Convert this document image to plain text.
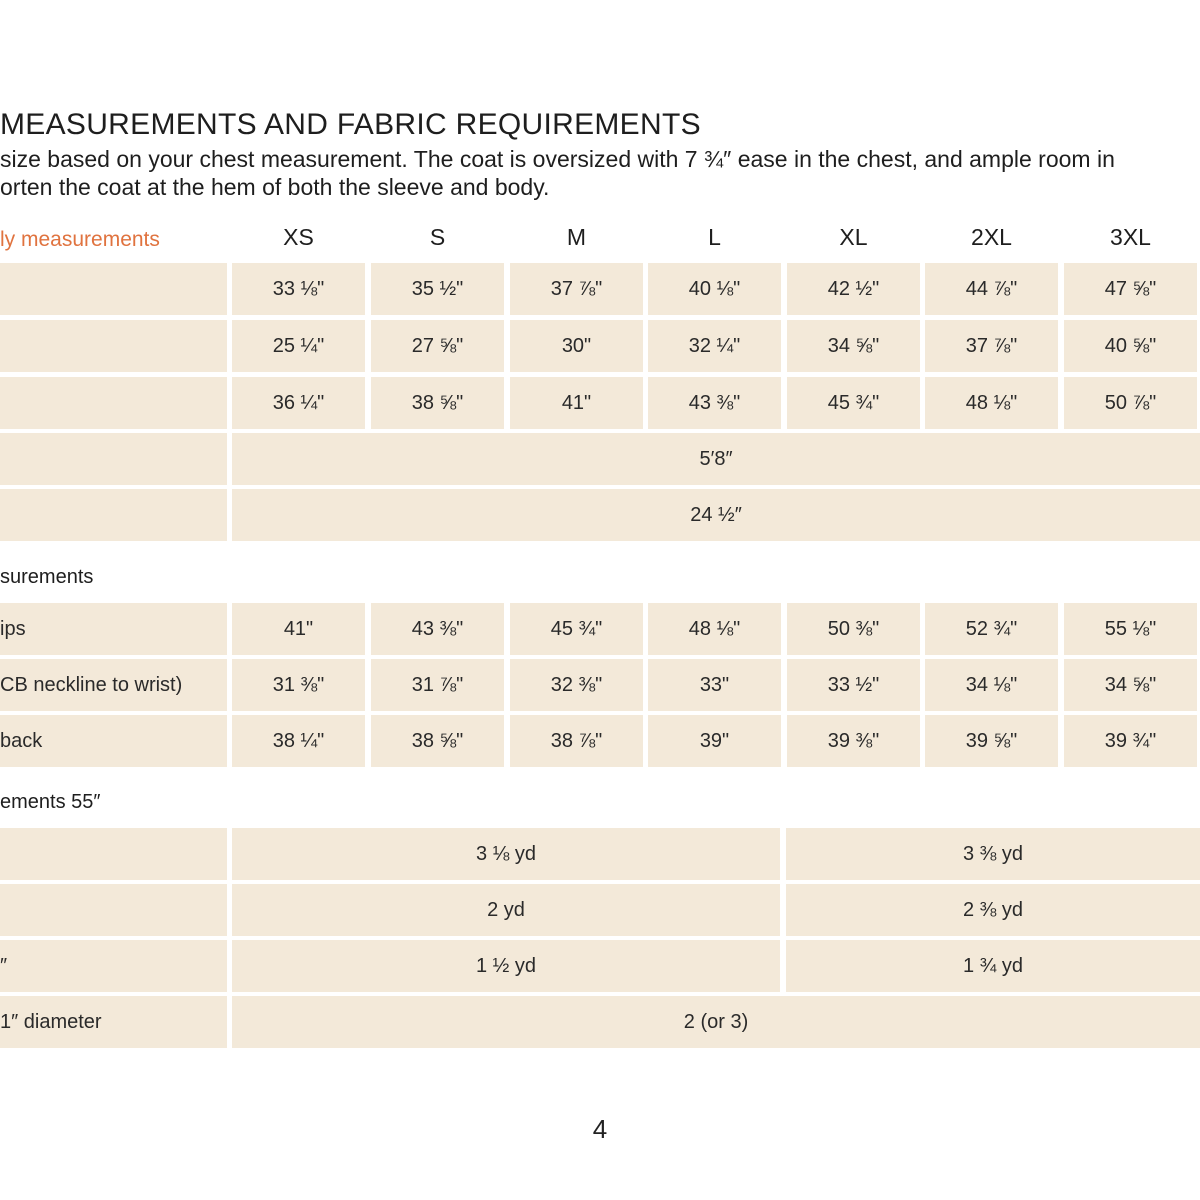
MEASUREMENTS AND FABRIC REQUIREMENTS
size based on your chest measurement. The coat is oversized with 7 ¾″ ease in the chest, and ample room in
orten the coat at the hem of both the sleeve and body.
ly measurements	XS	S	M	L	XL	2XL	3XL
33 ⅛"	35 ½"	37 ⅞"	40 ⅛"	42 ½"	44 ⅞"	47 ⅝"
25 ¼"	27 ⅝"	30"	32 ¼"	34 ⅝"	37 ⅞"	40 ⅝"
36 ¼"	38 ⅝"	41"	43 ⅜"	45 ¾"	48 ⅛"	50 ⅞"
5′8″
24 ½″
surements
ips	41"	43 ⅜"	45 ¾"	48 ⅛"	50 ⅜"	52 ¾"	55 ⅛"
CB neckline to wrist)	31 ⅜"	31 ⅞"	32 ⅜"	33"	33 ½"	34 ⅛"	34 ⅝"
back	38 ¼"	38 ⅝"	38 ⅞"	39"	39 ⅜"	39 ⅝"	39 ¾"
ements 55″
3 ⅛ yd	3 ⅜ yd
2 yd	2 ⅜ yd
″	1 ½ yd	1 ¾ yd
1″ diameter	2 (or 3)
4
